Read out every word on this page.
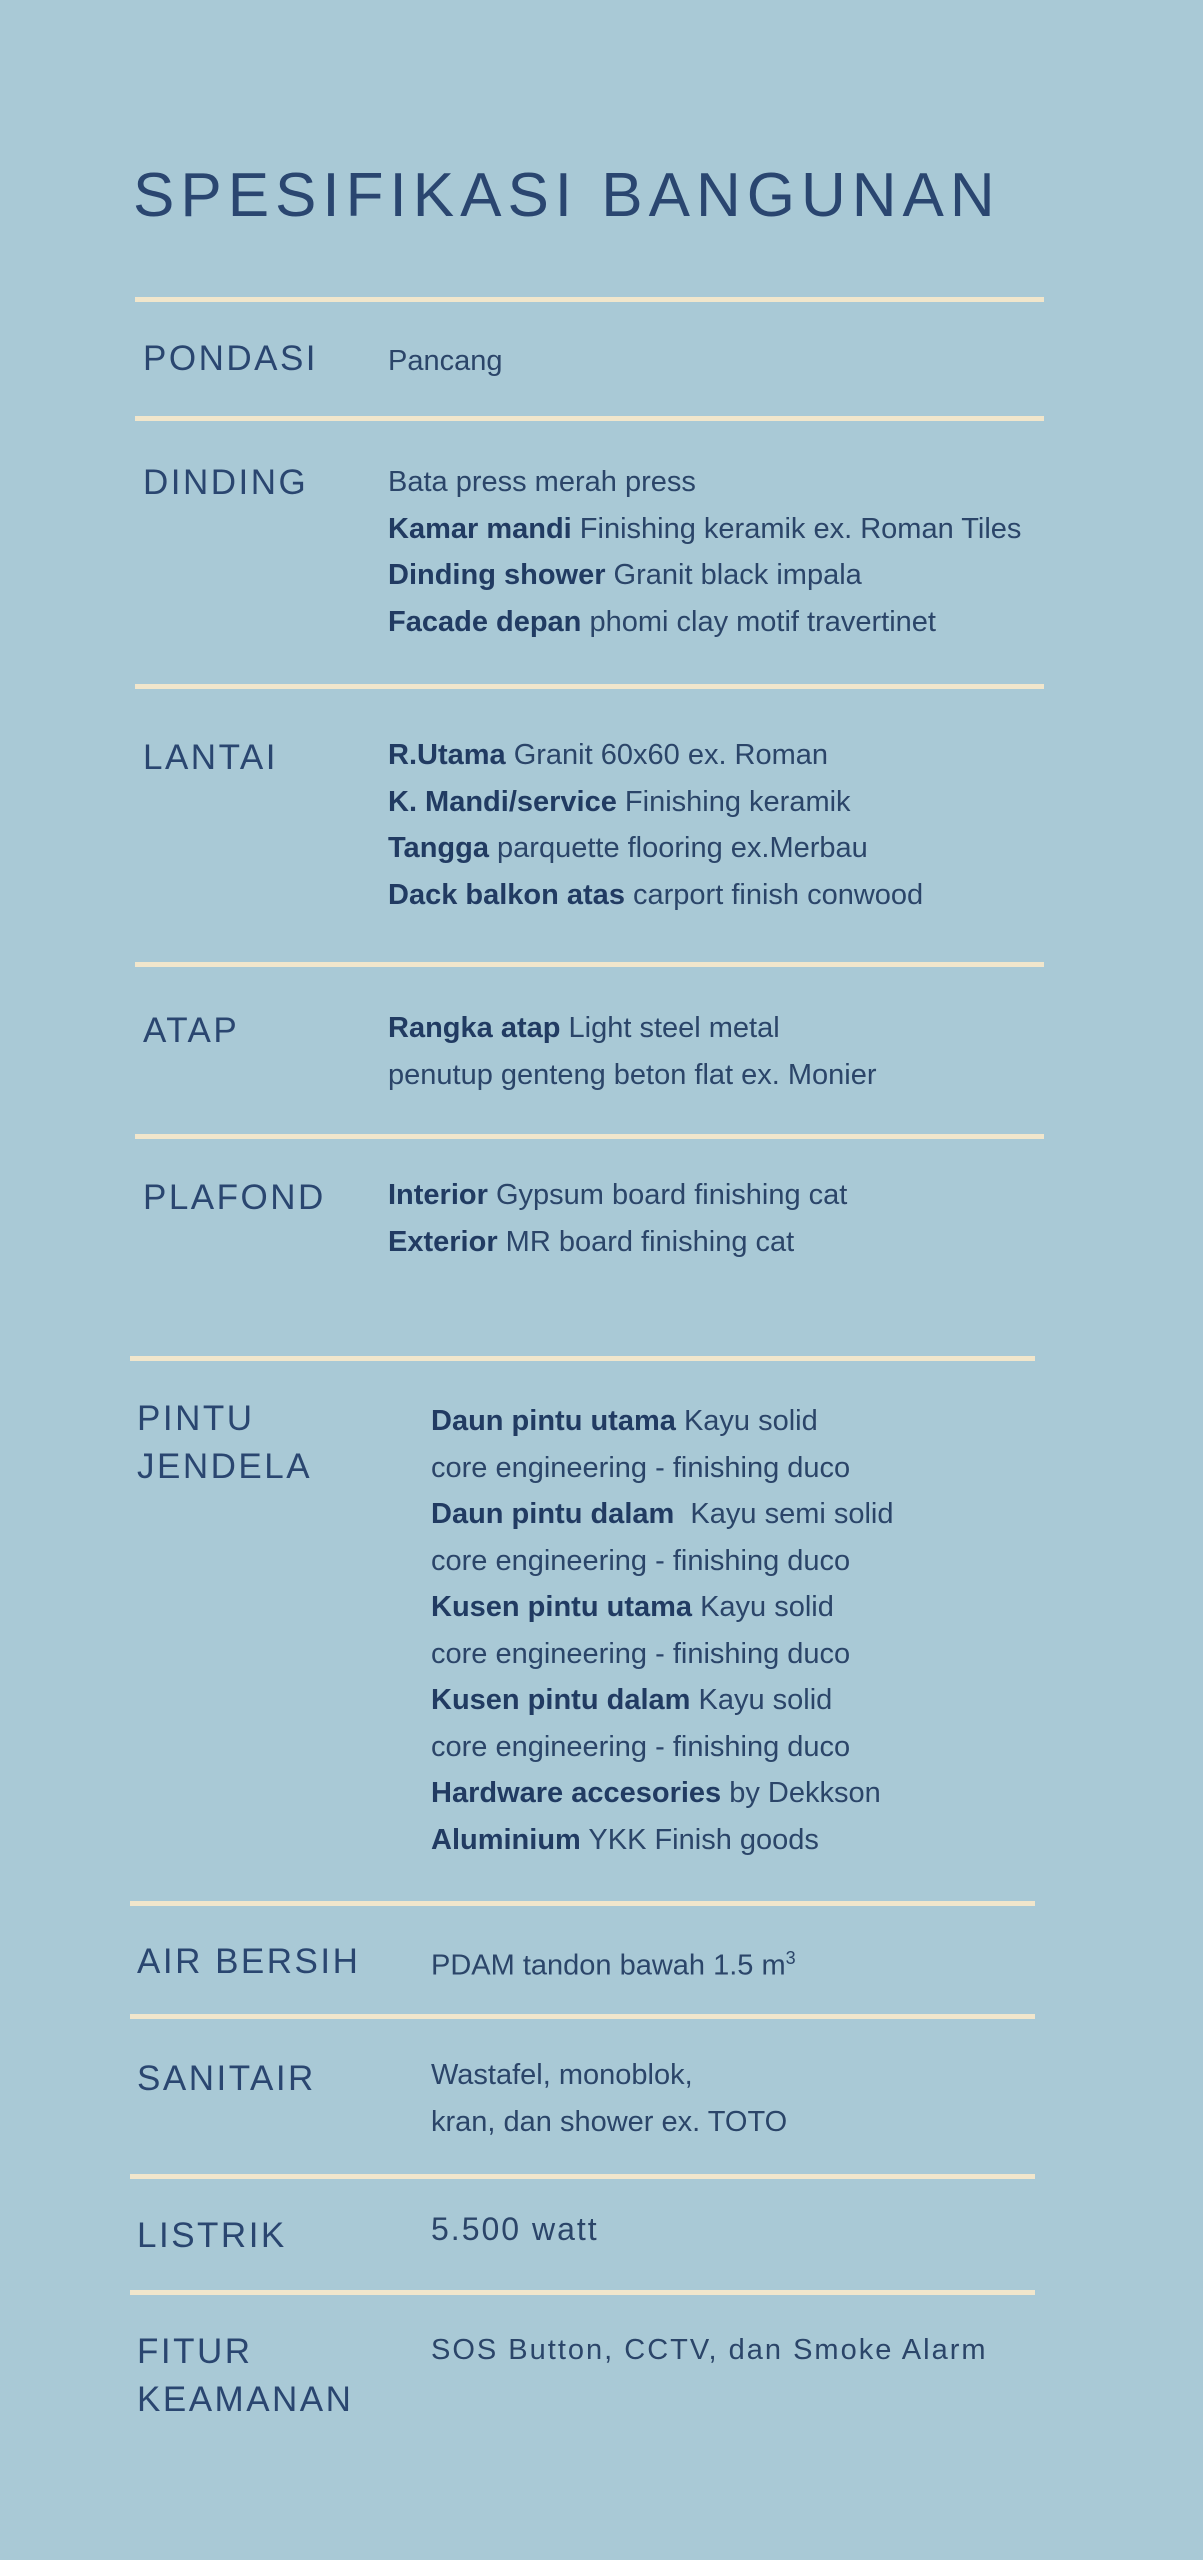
SPESIFIKASI BANGUNAN
PONDASI Pancang
DINDING	Bata press merah press
Kamar mandi Finishing keramik ex. Roman Tiles
Dinding shower Granit black impala
Facade depan phomi clay motif travertinet
LANTAI	R.Utama Granit 60x60 ex. Roman
K. Mandi/service Finishing keramik
Tangga parquette flooring ex.Merbau
Dack balkon atas carport finish conwood
ATAP	Rangka atap Light steel metal
penutup genteng beton flat ex. Monier
PLAFOND Interior Gypsum board finishing cat
Exterior MR board finishing cat
PINTU
JENDELA
Daun pintu utama Kayu solid
core engineering - finishing duco
Daun pintu dalam  Kayu semi solid
core engineering - finishing duco
Kusen pintu utama Kayu solid
core engineering - finishing duco
Kusen pintu dalam Kayu solid
core engineering - finishing duco
Hardware accesories by Dekkson
Aluminium YKK Finish goods
AIR BERSIH PDAM tandon bawah 1.5 $m^3$
SANITAIR	Wastafel, monoblok,
kran, dan shower ex. TOTO
LISTRIK	5.500 watt
FITUR
KEAMANAN
SOS Button, CCTV, dan Smoke Alarm
